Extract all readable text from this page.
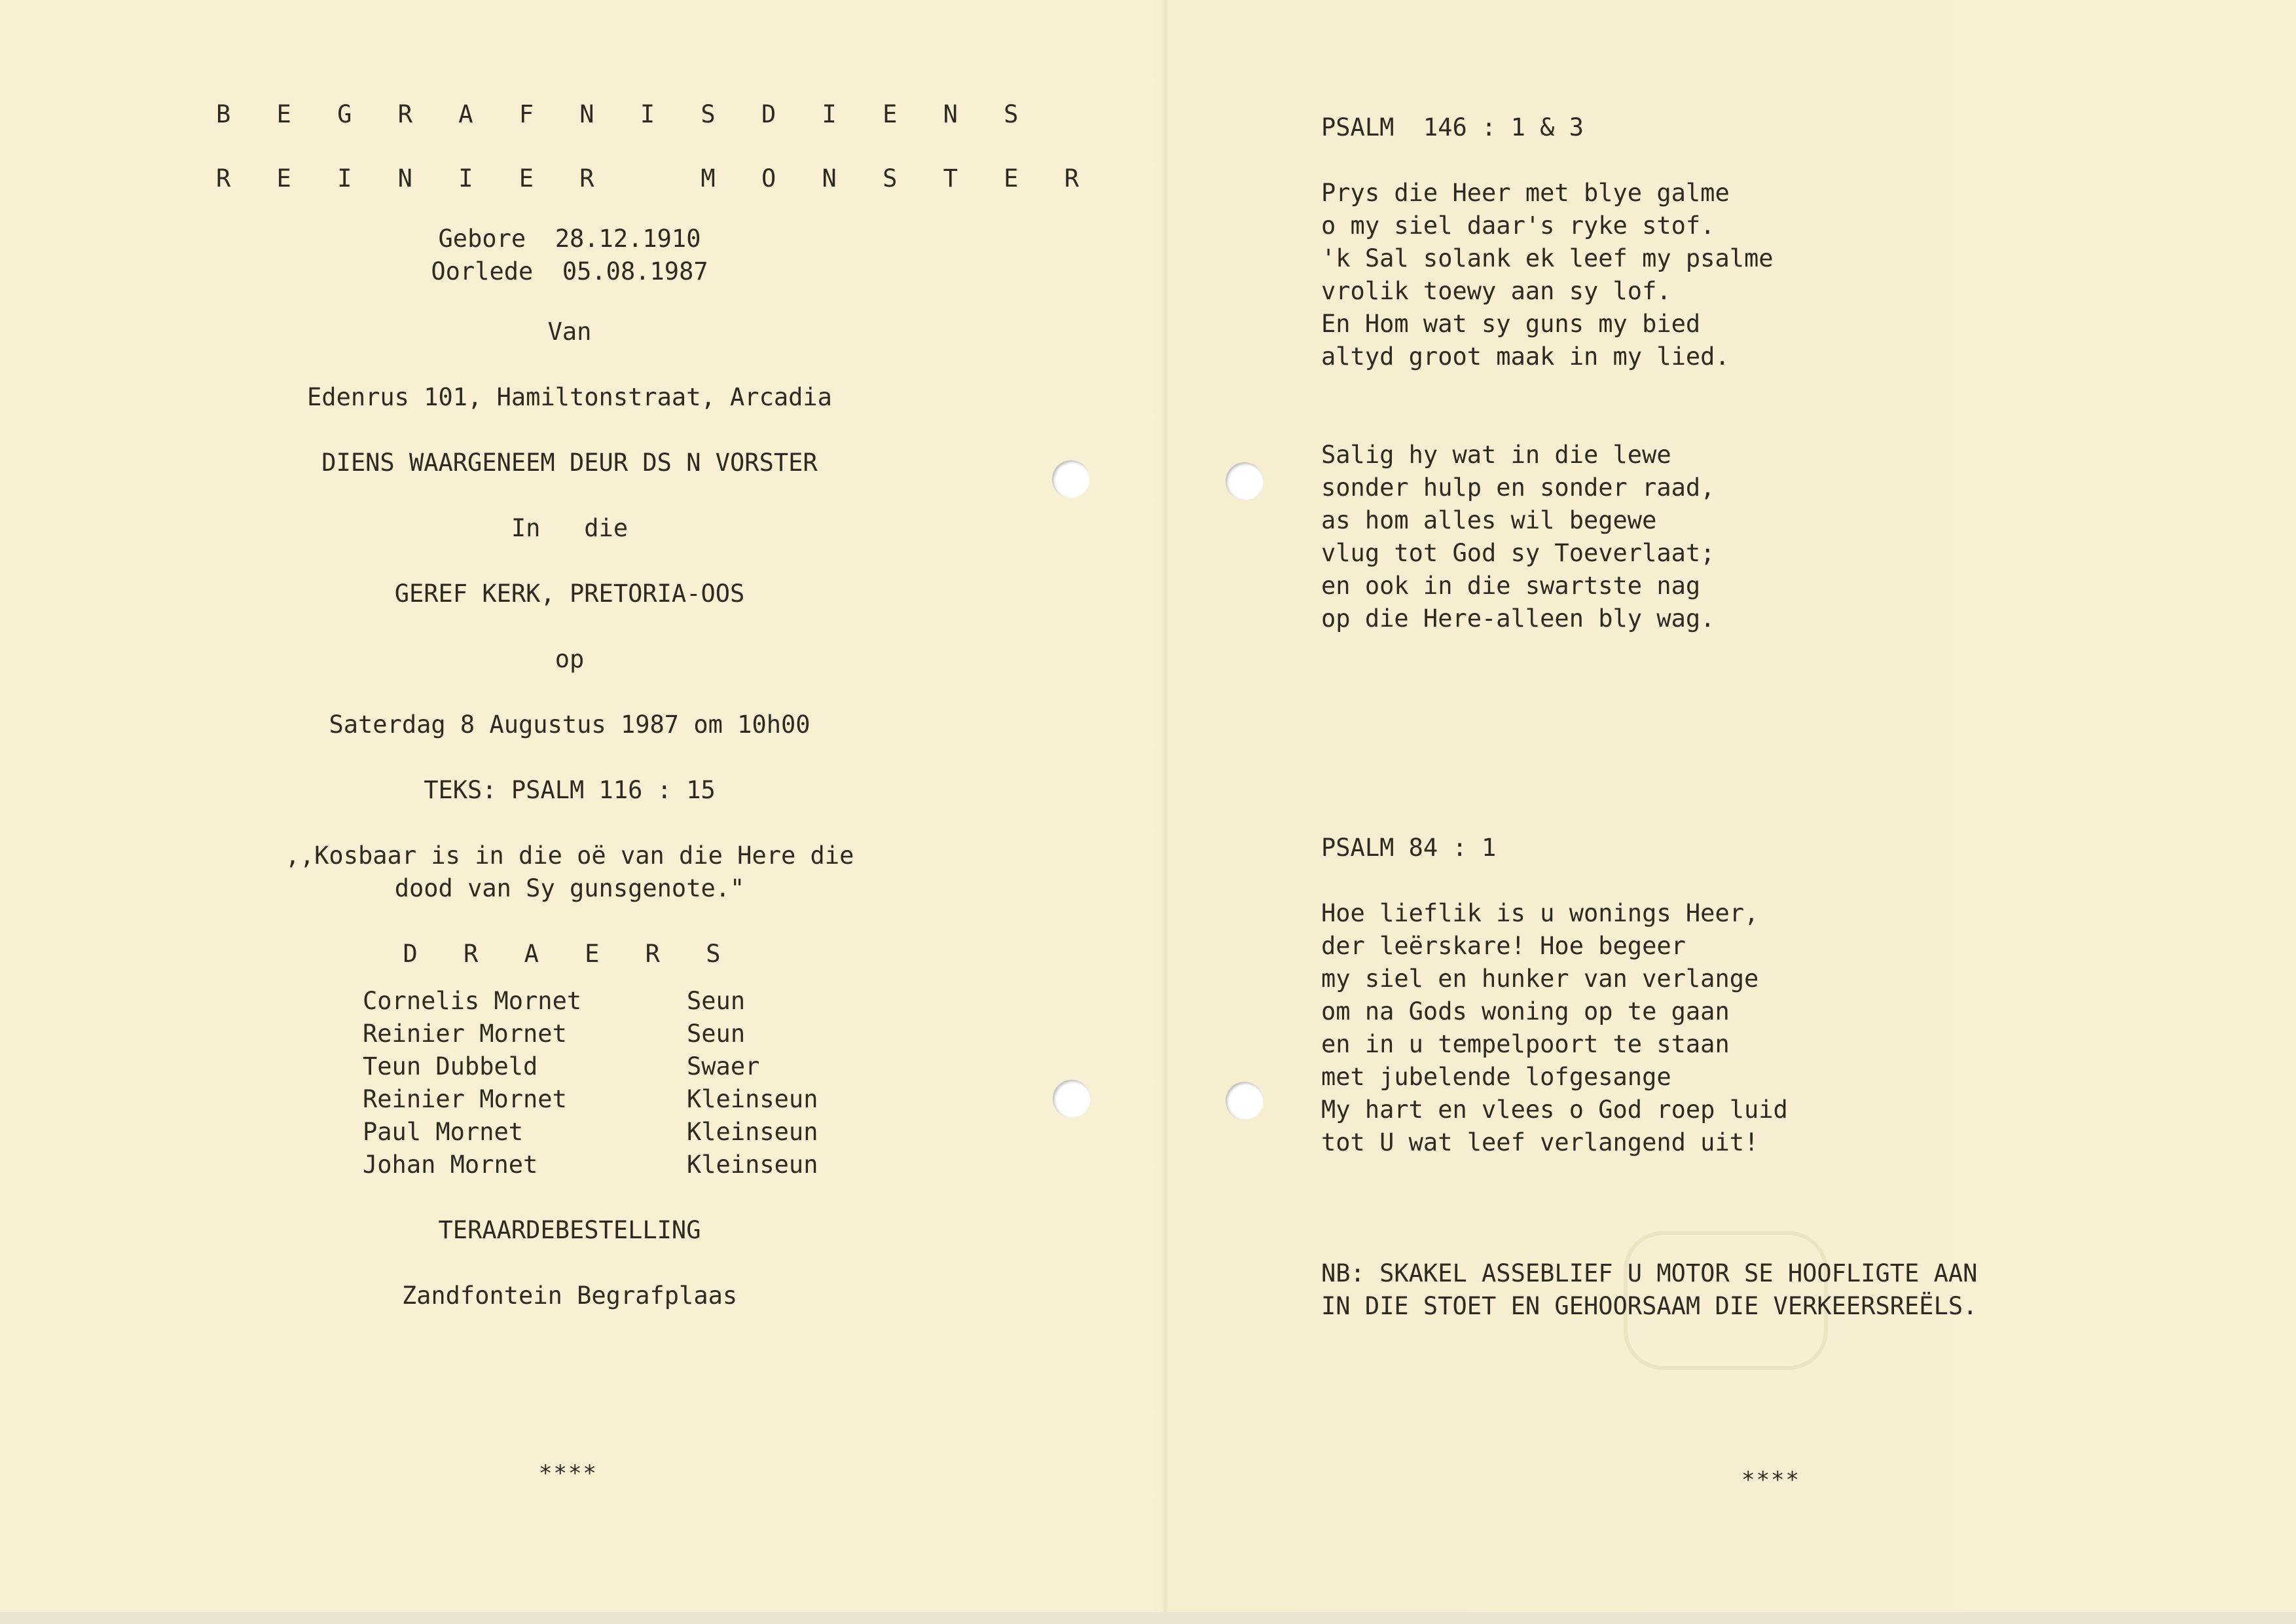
B E G R A F N I S D I E N S

R E I N I E R   M O N S T E R

Gebore  28.12.1910

Oorlede  05.08.1987

Van

Edenrus 101, Hamiltonstraat, Arcadia

DIENS WAARGENEEM DEUR DS N VORSTER

In   die

GEREF KERK, PRETORIA-OOS

op

Saterdag 8 Augustus 1987 om 10h00

TEKS: PSALM 116 : 15

,,Kosbaar is in die oë van die Here die

dood van Sy gunsgenote."

D R A E R S

Cornelis Mornet	Seun
Reinier Mornet	Seun
Teun Dubbeld	Swaer
Reinier Mornet	Kleinseun
Paul Mornet	Kleinseun
Johan Mornet	Kleinseun

TERAARDEBESTELLING

Zandfontein Begrafplaas

****

PSALM  146 : 1 & 3

Prys die Heer met blye galme

o my siel daar's ryke stof.

'k Sal solank ek leef my psalme

vrolik toewy aan sy lof.

En Hom wat sy guns my bied

altyd groot maak in my lied.

Salig hy wat in die lewe

sonder hulp en sonder raad,

as hom alles wil begewe

vlug tot God sy Toeverlaat;

en ook in die swartste nag

op die Here-alleen bly wag.

PSALM 84 : 1

Hoe lieflik is u wonings Heer,

der leërskare! Hoe begeer

my siel en hunker van verlange

om na Gods woning op te gaan

en in u tempelpoort te staan

met jubelende lofgesange

My hart en vlees o God roep luid

tot U wat leef verlangend uit!

NB: SKAKEL ASSEBLIEF U MOTOR SE HOOFLIGTE AAN

IN DIE STOET EN GEHOORSAAM DIE VERKEERSREËLS.

****
